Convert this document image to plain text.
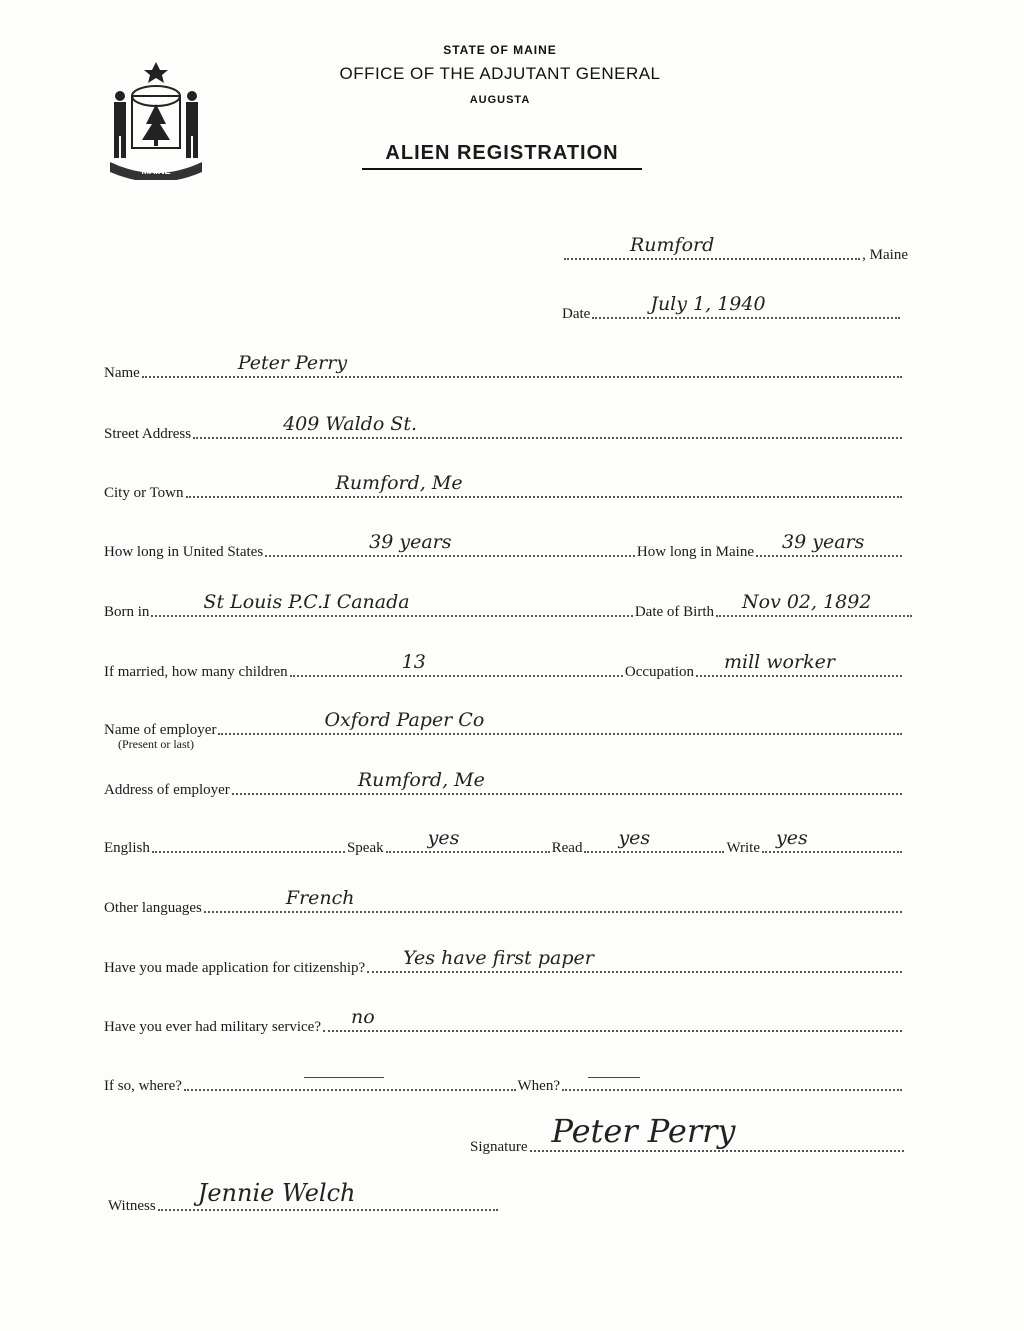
MAINE
STATE OF MAINE
OFFICE OF THE ADJUTANT GENERAL
AUGUSTA
ALIEN REGISTRATION
Rumford	, Maine
Date	July 1, 1940
Name	Peter Perry
Street Address	409 Waldo St.
City or Town	Rumford, Me
How long in United States	39 years	How long in Maine 39 years
Born in	St Louis P.C.I Canada	Date of Birth Nov 02, 1892
If married, how many children	13	Occupation mill worker
Name of employer	Oxford Paper Co
(Present or last)
Address of employer	Rumford, Me
English	Speak yes	Read yes	Write yes
Other languages	French
Have you made application for citizenship? Yes have first paper
Have you ever had military service? no
If so, where?	When?
Signature Peter Perry
Witness Jennie Welch
